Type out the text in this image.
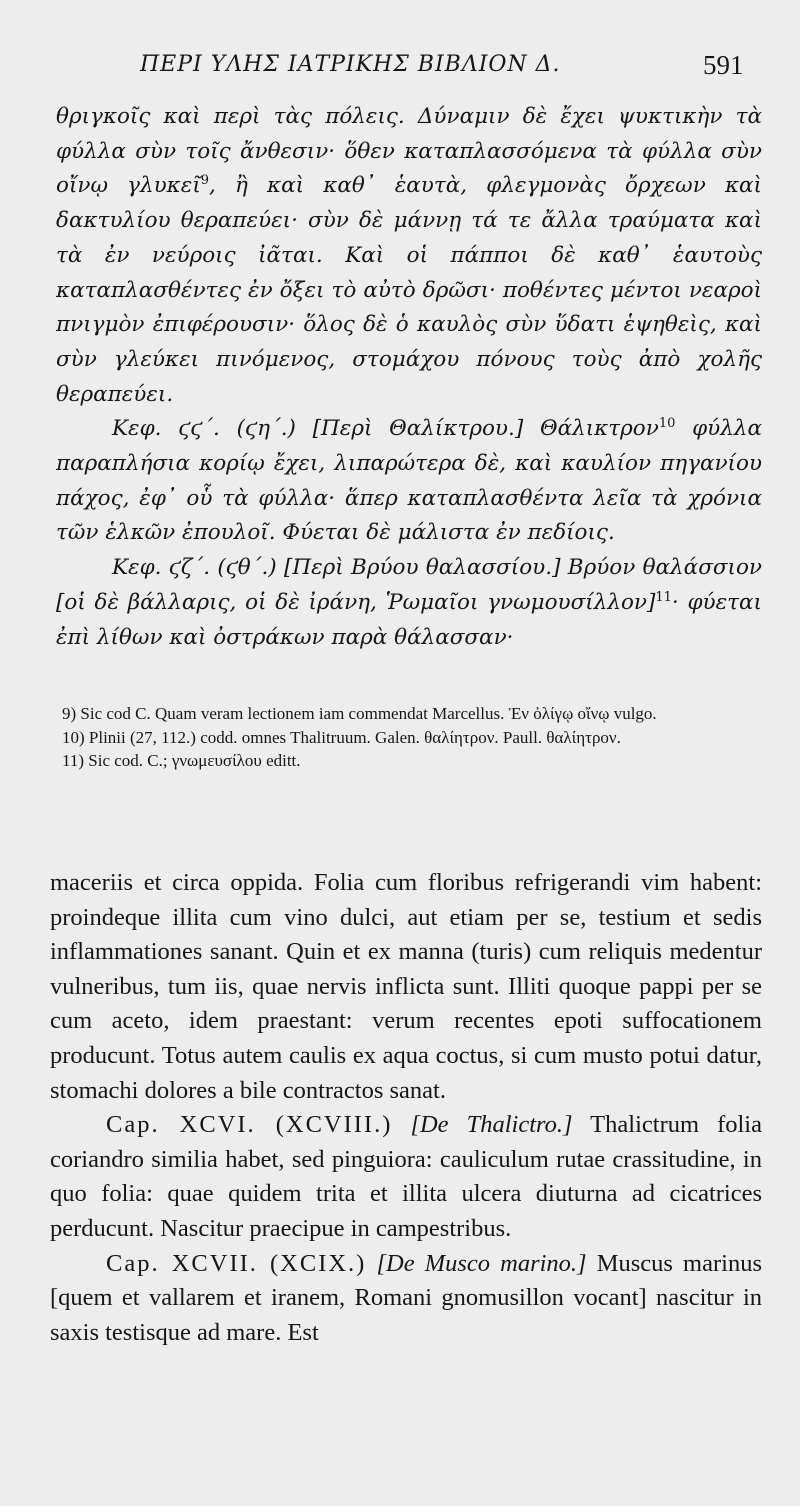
ΠΕΡΙ ΥΛΗΣ ΙΑΤΡΙΚΗΣ ΒΙΒΛΙΟΝ Δ.	591

θριγκοῖς καὶ περὶ τὰς πόλεις. Δύναμιν δὲ ἔχει ψυκτικὴν τὰ φύλλα σὺν τοῖς ἄνθεσιν· ὅθεν καταπλασσόμενα τὰ φύλλα σὺν οἴνῳ γλυκεῖ$^9$, ἢ καὶ καθ᾽ ἑαυτὰ, φλεγμονὰς ὄρχεων καὶ δακτυλίου θεραπεύει· σὺν δὲ μάννῃ τά τε ἄλλα τραύματα καὶ τὰ ἐν νεύροις ἰᾶται. Καὶ οἱ πάπποι δὲ καθ᾽ ἑαυτοὺς καταπλασθέντες ἐν ὄξει τὸ αὐτὸ δρῶσι· ποθέντες μέντοι νεαροὶ πνιγμὸν ἐπιφέρουσιν· ὅλος δὲ ὁ καυλὸς σὺν ὕδατι ἑψηθεὶς, καὶ σὺν γλεύκει πινόμενος, στομάχου πόνους τοὺς ἀπὸ χολῆς θεραπεύει.

Κεφ. ϛϛ΄. (ϛη΄.) [Περὶ Θαλίκτρου.] Θάλικτρον$^{10}$ φύλλα παραπλήσια κορίῳ ἔχει, λιπαρώτερα δὲ, καὶ καυλίον πηγανίου πάχος, ἐφ᾽ οὗ τὰ φύλλα· ἅπερ καταπλασθέντα λεῖα τὰ χρόνια τῶν ἑλκῶν ἐπουλοῖ. Φύεται δὲ μάλιστα ἐν πεδίοις.

Κεφ. ϛζ΄. (ϛθ΄.) [Περὶ Βρύου θαλασσίου.] Βρύον θαλάσσιον [οἱ δὲ βάλλαρις, οἱ δὲ ἰράνη, Ῥωμαῖοι γνωμουσίλλον]$^{11}$· φύεται ἐπὶ λίθων καὶ ὀστράκων παρὰ θάλασσαν·

9) Sic cod C. Quam veram lectionem iam commendat Marcellus. Ἐν ὀλίγῳ οἴνῳ vulgo.

10) Plinii (27, 112.) codd. omnes Thalitruum. Galen. θαλίητρον. Paull. θαλίητρον.

11) Sic cod. C.; γνωμευσίλου editt.

maceriis et circa oppida. Folia cum floribus refrigerandi vim habent: proindeque illita cum vino dulci, aut etiam per se, testium et sedis inflammationes sanant. Quin et ex manna (turis) cum reliquis medentur vulneribus, tum iis, quae nervis inflicta sunt. Illiti quoque pappi per se cum aceto, idem praestant: verum recentes epoti suffocationem producunt. Totus autem caulis ex aqua coctus, si cum musto potui datur, stomachi dolores a bile contractos sanat.

Cap. XCVI. (XCVIII.) [De Thalictro.] Thalictrum folia coriandro similia habet, sed pinguiora: cauliculum rutae crassitudine, in quo folia: quae quidem trita et illita ulcera diuturna ad cicatrices perducunt. Nascitur praecipue in campestribus.

Cap. XCVII. (XCIX.) [De Musco marino.] Muscus marinus [quem et vallarem et iranem, Romani gnomusillon vocant] nascitur in saxis testisque ad mare. Est
